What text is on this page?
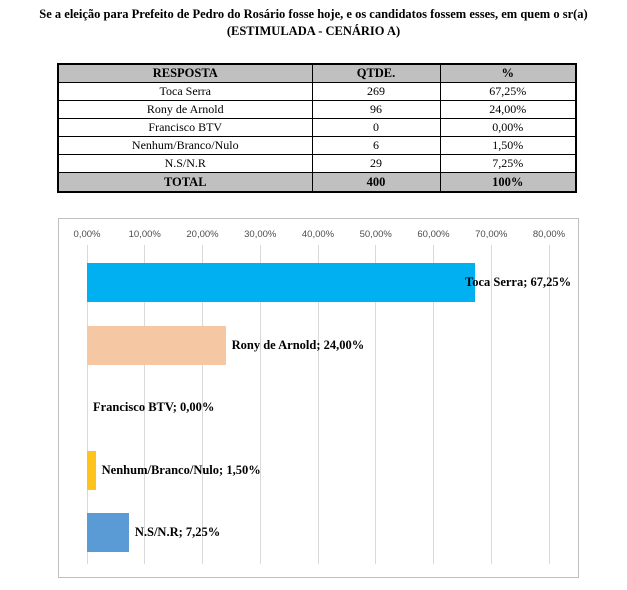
Se a eleição para Prefeito de Pedro do Rosário fosse hoje, e os candidatos fossem esses, em quem o sr(a)
(ESTIMULADA - CENÁRIO A)
RESPOSTA	QTDE.	%
Toca Serra	269	67,25%
Rony de Arnold	96	24,00%
Francisco BTV	0	0,00%
Nenhum/Branco/Nulo	6	1,50%
N.S/N.R	29	7,25%
TOTAL	400	100%
0,00%	10,00%	20,00%	30,00%	40,00%	50,00%	60,00%	70,00%	80,00%
Toca Serra; 67,25%
Rony de Arnold; 24,00%
Francisco BTV; 0,00%
Nenhum/Branco/Nulo; 1,50%
N.S/N.R; 7,25%
